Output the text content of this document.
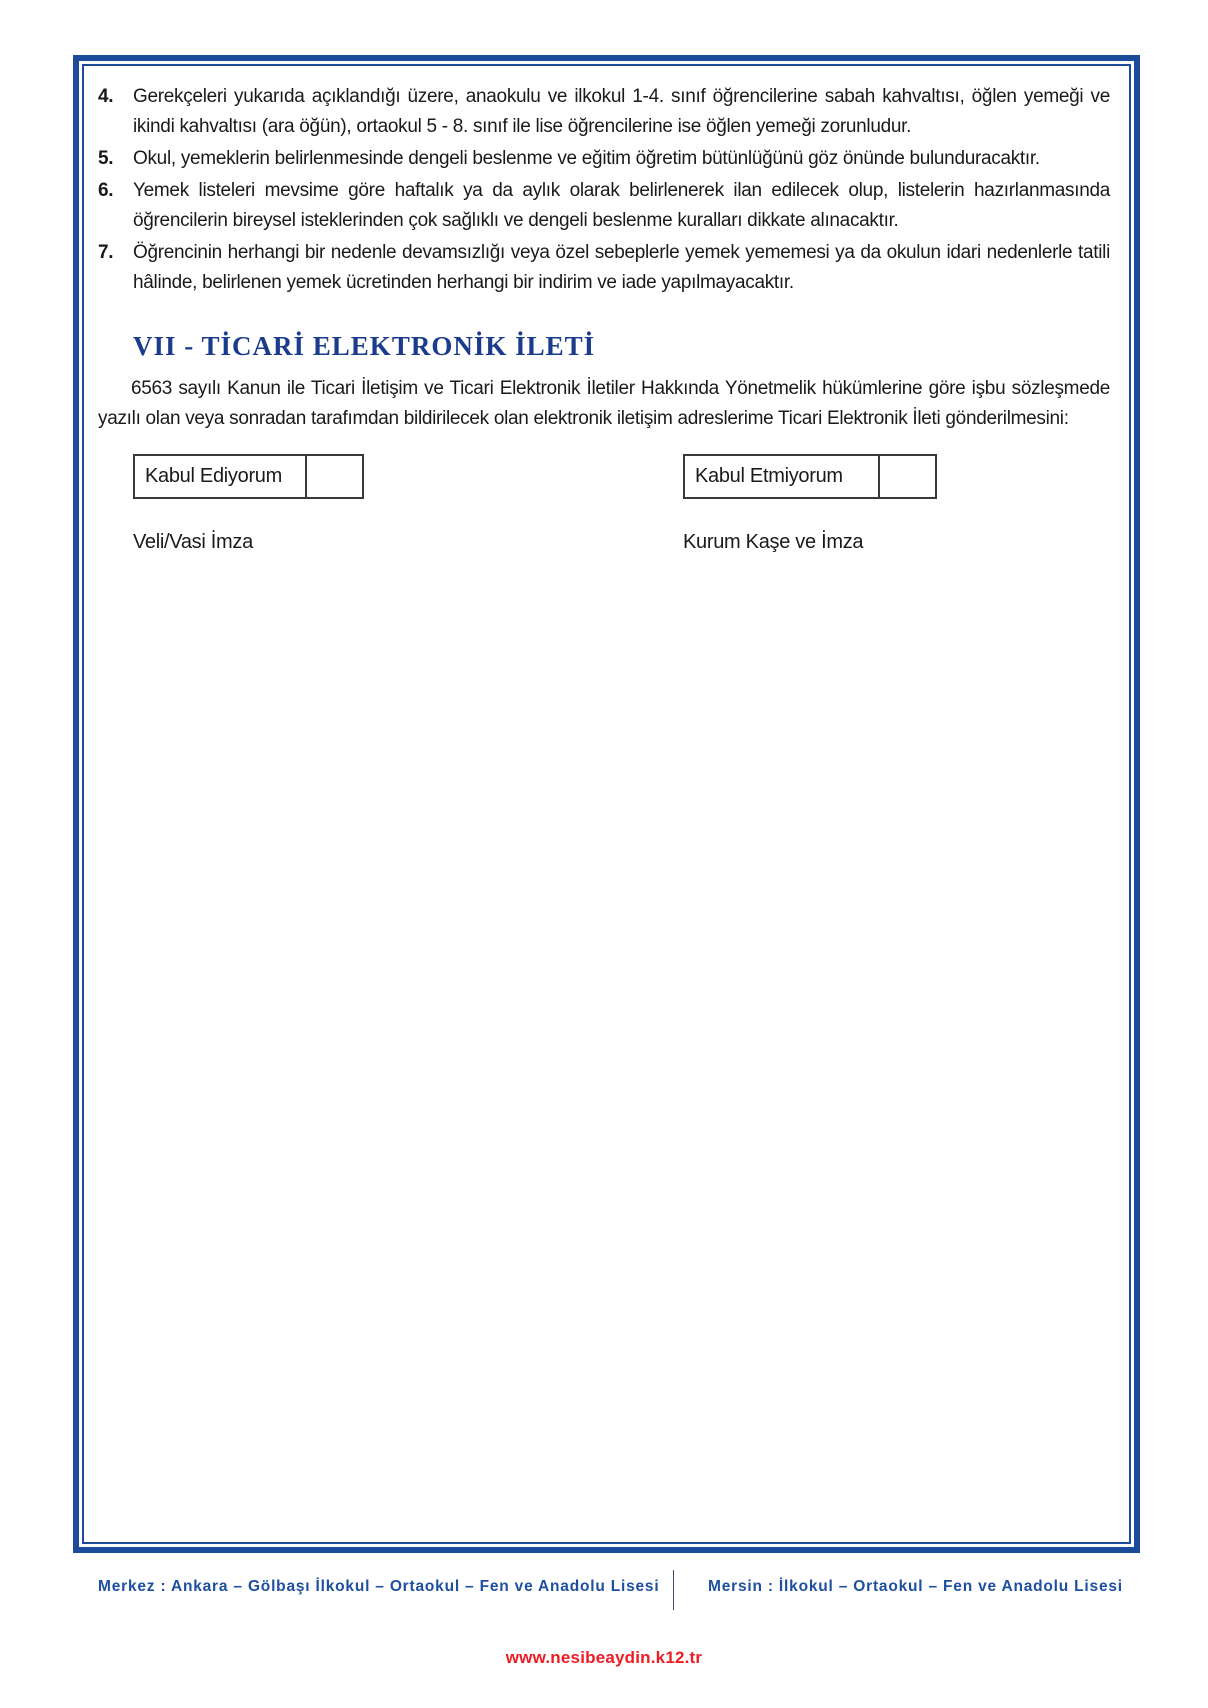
4.	Gerekçeleri yukarıda açıklandığı üzere, anaokulu ve ilkokul 1-4. sınıf öğrencilerine sabah kahvaltısı, öğlen yemeği ve ikindi kahvaltısı (ara öğün), ortaokul 5 - 8. sınıf ile lise öğrencilerine ise öğlen yemeği zorunludur.
5.	Okul, yemeklerin belirlenmesinde dengeli beslenme ve eğitim öğretim bütünlüğünü göz önünde bulunduracaktır.
6.	Yemek listeleri mevsime göre haftalık ya da aylık olarak belirlenerek ilan edilecek olup, listelerin hazırlanmasında öğrencilerin bireysel isteklerinden çok sağlıklı ve dengeli beslenme kuralları dikkate alınacaktır.
7.	Öğrencinin herhangi bir nedenle devamsızlığı veya özel sebeplerle yemek yememesi ya da okulun idari nedenlerle tatili hâlinde, belirlenen yemek ücretinden herhangi bir indirim ve iade yapılmayacaktır.
VII - TİCARİ ELEKTRONİK İLETİ
6563 sayılı Kanun ile Ticari İletişim ve Ticari Elektronik İletiler Hakkında Yönetmelik hükümlerine göre işbu sözleşmede yazılı olan veya sonradan tarafımdan bildirilecek olan elektronik iletişim adreslerime Ticari Elektronik İleti gönderilmesini:
Kabul Ediyorum	Kabul Etmiyorum
Veli/Vasi İmza	Kurum Kaşe ve İmza
Merkez : Ankara – Gölbaşı İlkokul – Ortaokul – Fen ve Anadolu Lisesi	Mersin : İlkokul – Ortaokul – Fen ve Anadolu Lisesi
www.nesibeaydin.k12.tr
